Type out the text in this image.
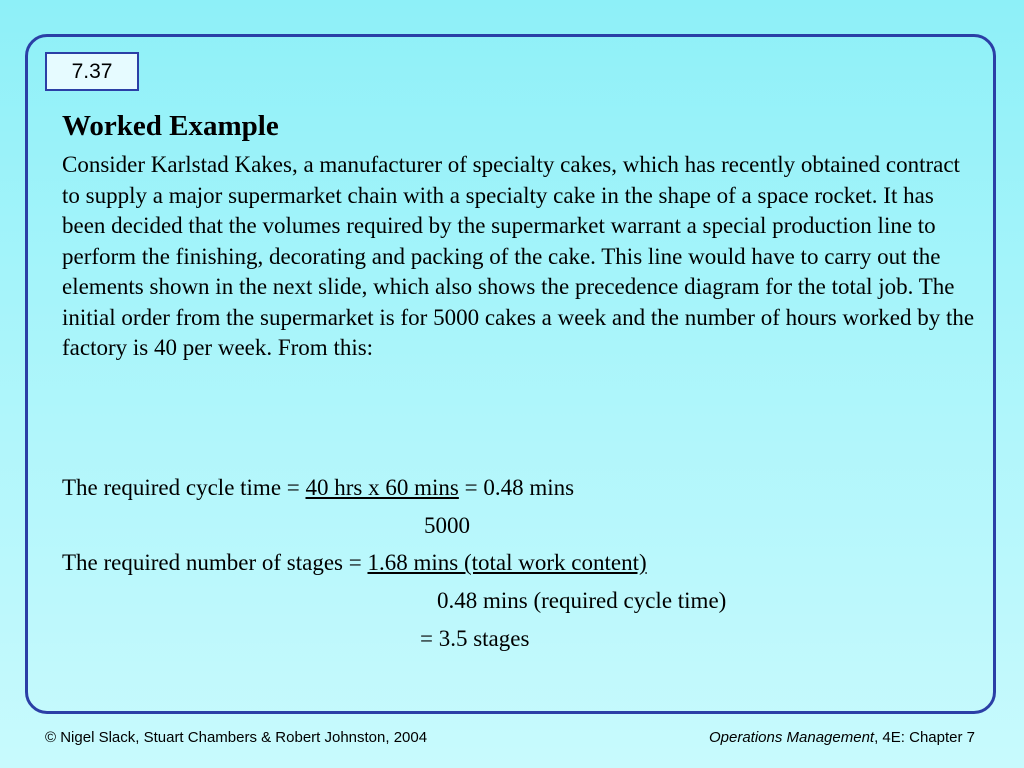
7.37
Worked Example

Consider Karlstad Kakes, a manufacturer of specialty cakes, which has recently obtained contract to supply a major supermarket chain with a specialty cake in the shape of a space rocket. It has been decided that the volumes required by the supermarket warrant a special production line to perform the finishing, decorating and packing of the cake. This line would have to carry out the elements shown in the next slide, which also shows the precedence diagram for the total job. The initial order from the supermarket is for 5000 cakes a week and the number of hours worked by the factory is 40 per week. From this:

The required cycle time = 40 hrs x 60 mins = 0.48 mins
5000
The required number of stages = 1.68 mins (total work content)
0.48 mins (required cycle time)
= 3.5 stages
© Nigel Slack, Stuart Chambers & Robert Johnston, 2004	Operations Management, 4E: Chapter 7
